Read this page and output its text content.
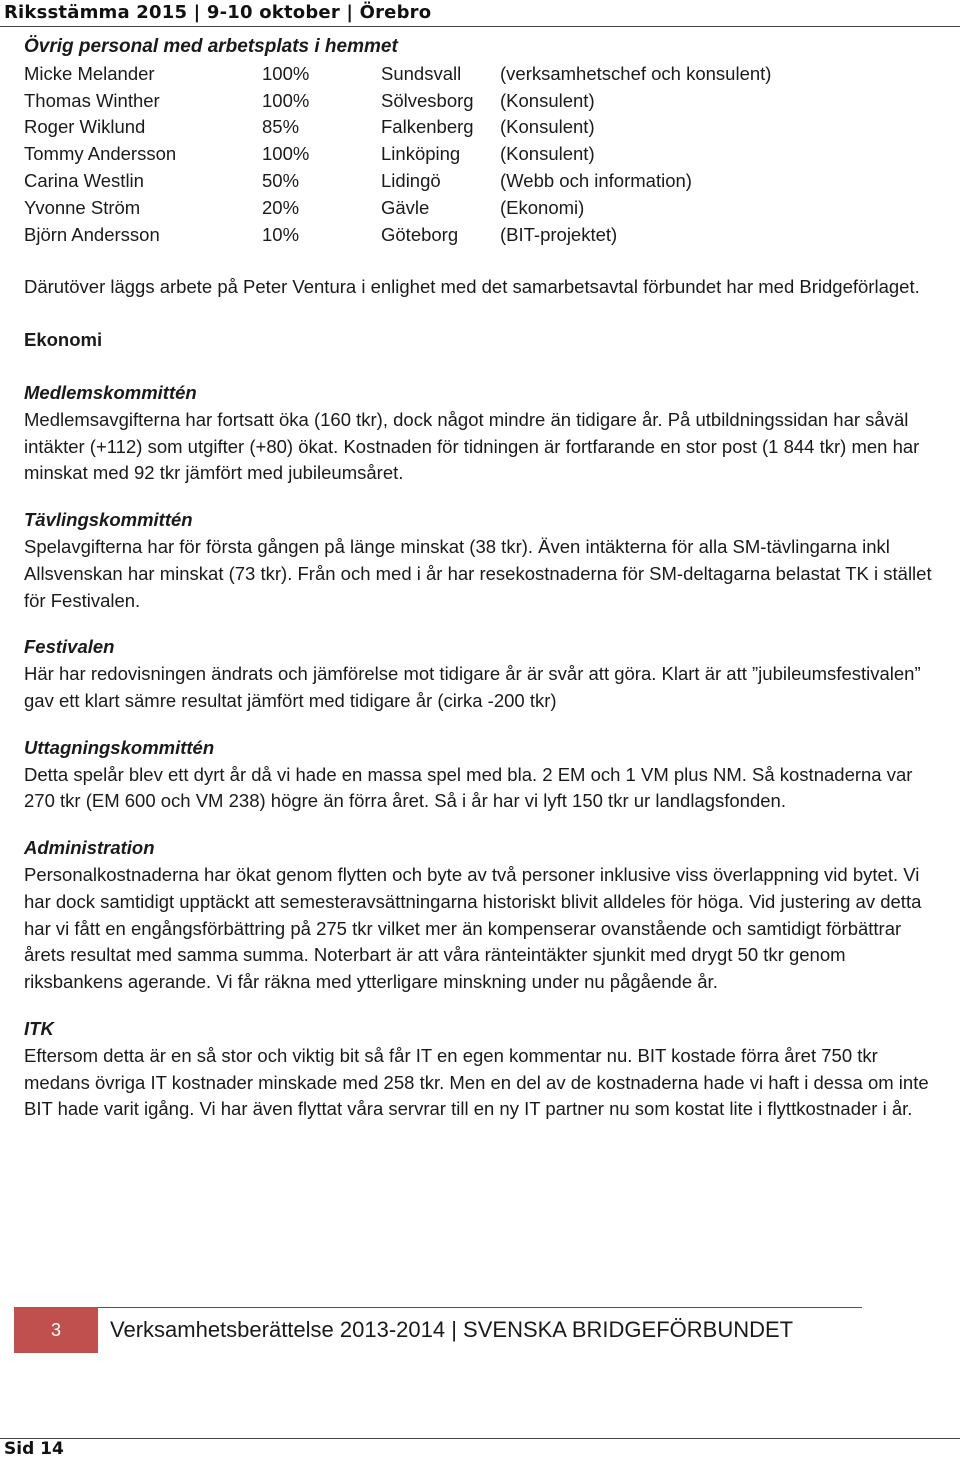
Riksstämma 2015 | 9-10 oktober | Örebro
Övrig personal med arbetsplats i hemmet
Micke Melander	100%	Sundsvall	(verksamhetschef och konsulent)
Thomas Winther	100%	Sölvesborg	(Konsulent)
Roger Wiklund	85%	Falkenberg	(Konsulent)
Tommy Andersson	100%	Linköping	(Konsulent)
Carina Westlin	50%	Lidingö	(Webb och information)
Yvonne Ström	20%	Gävle	(Ekonomi)
Björn Andersson	10%	Göteborg	(BIT-projektet)

Därutöver läggs arbete på Peter Ventura i enlighet med det samarbetsavtal förbundet har med Bridgeförlaget.

Ekonomi
Medlemskommittén

Medlemsavgifterna har fortsatt öka (160 tkr), dock något mindre än tidigare år. På utbildningssidan har såväl intäkter (+112) som utgifter (+80) ökat. Kostnaden för tidningen är fortfarande en stor post (1 844 tkr) men har minskat med 92 tkr jämfört med jubileumsåret.

Tävlingskommittén

Spelavgifterna har för första gången på länge minskat (38 tkr). Även intäkterna för alla SM-tävlingarna inkl Allsvenskan har minskat (73 tkr). Från och med i år har resekostnaderna för SM-deltagarna belastat TK i stället för Festivalen.

Festivalen

Här har redovisningen ändrats och jämförelse mot tidigare år är svår att göra. Klart är att ”jubileumsfestivalen” gav ett klart sämre resultat jämfört med tidigare år (cirka -200 tkr)

Uttagningskommittén

Detta spelår blev ett dyrt år då vi hade en massa spel med bla. 2 EM och 1 VM plus NM. Så kostnaderna var 270 tkr (EM 600 och VM 238) högre än förra året. Så i år har vi lyft 150 tkr ur landlagsfonden.

Administration

Personalkostnaderna har ökat genom flytten och byte av två personer inklusive viss överlappning vid bytet. Vi har dock samtidigt upptäckt att semesteravsättningarna historiskt blivit alldeles för höga. Vid justering av detta har vi fått en engångsförbättring på 275 tkr vilket mer än kompenserar ovanstående och samtidigt förbättrar årets resultat med samma summa. Noterbart är att våra ränteintäkter sjunkit med drygt 50 tkr genom riksbankens agerande. Vi får räkna med ytterligare minskning under nu pågående år.

ITK

Eftersom detta är en så stor och viktig bit så får IT en egen kommentar nu. BIT kostade förra året 750 tkr medans övriga IT kostnader minskade med 258 tkr. Men en del av de kostnaderna hade vi haft i dessa om inte BIT hade varit igång. Vi har även flyttat våra servrar till en ny IT partner nu som kostat lite i flyttkostnader i år.

3 Verksamhetsberättelse 2013-2014 | SVENSKA BRIDGEFÖRBUNDET
Sid 14
